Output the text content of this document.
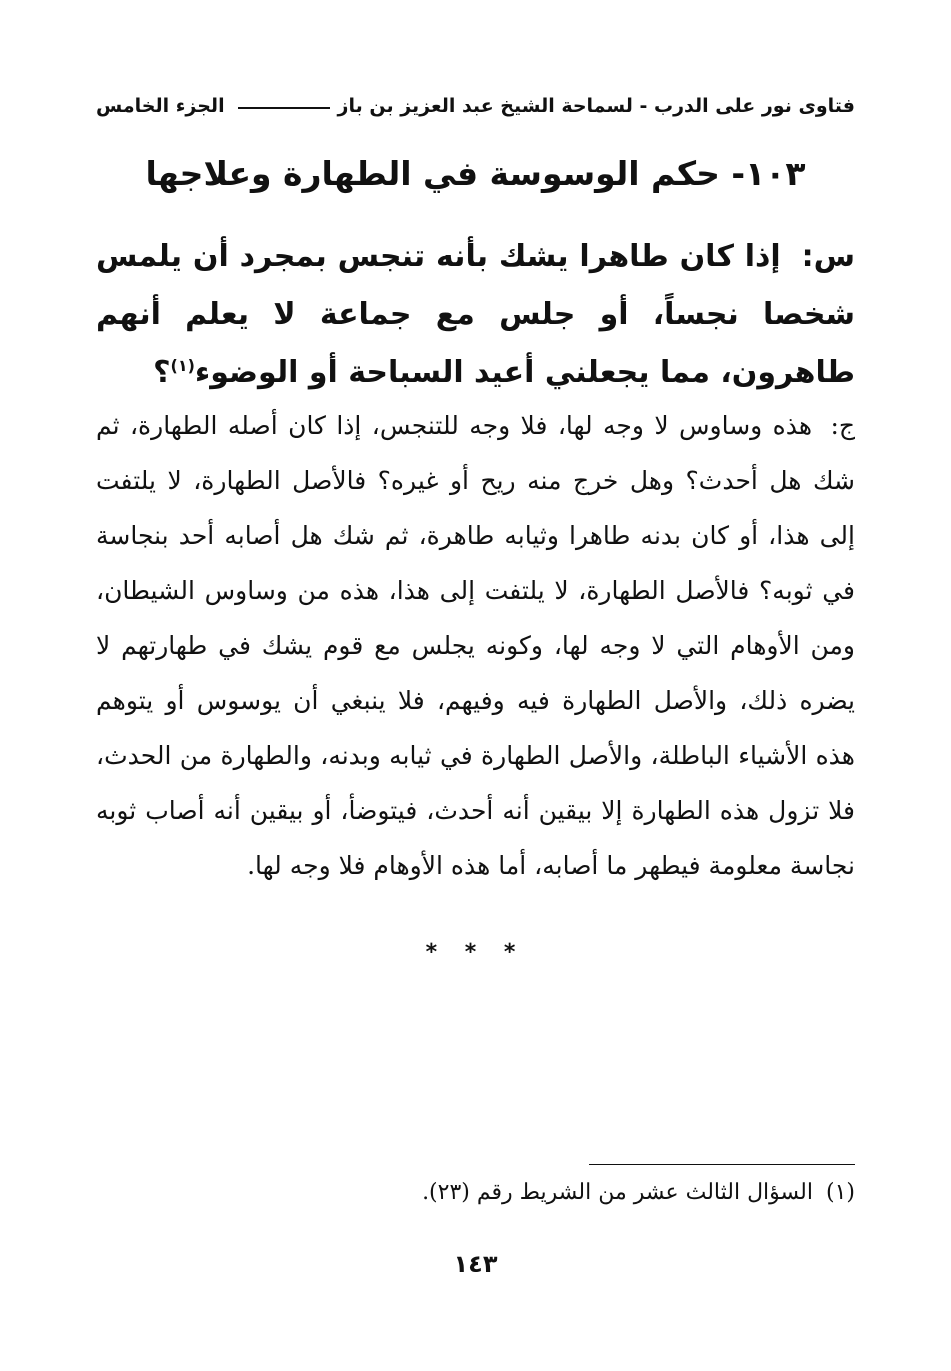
فتاوى نور على الدرب - لسماحة الشيخ عبد العزيز بن باز
الجزء الخامس
١٠٣- حكم الوسوسة في الطهارة وعلاجها
س: إذا كان طاهرا يشك بأنه تنجس بمجرد أن يلمس شخصا نجساً، أو جلس مع جماعة لا يعلم أنهم طاهرون، مما يجعلني أعيد السباحة أو الوضوء$^{(١)}$؟
ج: هذه وساوس لا وجه لها، فلا وجه للتنجس، إذا كان أصله الطهارة، ثم شك هل أحدث؟ وهل خرج منه ريح أو غيره؟ فالأصل الطهارة، لا يلتفت إلى هذا، أو كان بدنه طاهرا وثيابه طاهرة، ثم شك هل أصابه أحد بنجاسة في ثوبه؟ فالأصل الطهارة، لا يلتفت إلى هذا، هذه من وساوس الشيطان، ومن الأوهام التي لا وجه لها، وكونه يجلس مع قوم يشك في طهارتهم لا يضره ذلك، والأصل الطهارة فيه وفيهم، فلا ينبغي أن يوسوس أو يتوهم هذه الأشياء الباطلة، والأصل الطهارة في ثيابه وبدنه، والطهارة من الحدث، فلا تزول هذه الطهارة إلا بيقين أنه أحدث، فيتوضأ، أو بيقين أنه أصاب ثوبه نجاسة معلومة فيطهر ما أصابه، أما هذه الأوهام فلا وجه لها.
* * *
(١) السؤال الثالث عشر من الشريط رقم (٢٣).
١٤٣
